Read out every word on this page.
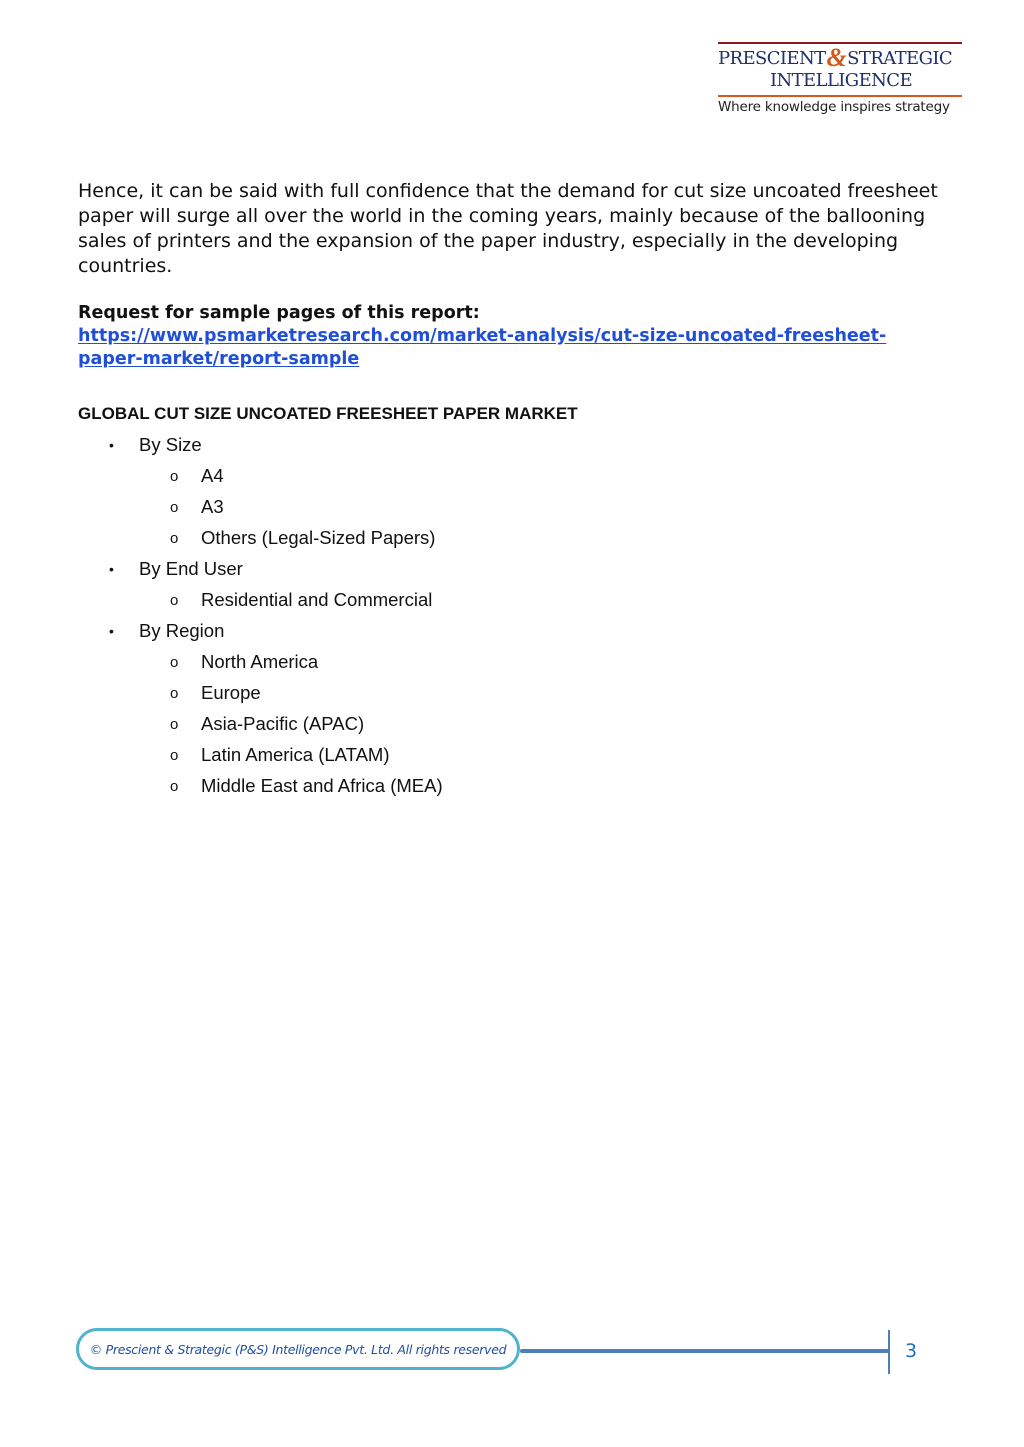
PRESCIENT&STRATEGIC
INTELLIGENCE
Where knowledge inspires strategy

Hence, it can be said with full confidence that the demand for cut size uncoated freesheet paper will surge all over the world in the coming years, mainly because of the ballooning sales of printers and the expansion of the paper industry, especially in the developing countries.

Request for sample pages of this report:
https://www.psmarketresearch.com/market-analysis/cut-size-uncoated-freesheet-paper-market/report-sample
GLOBAL CUT SIZE UNCOATED FREESHEET PAPER MARKET
• By Size
o A4
o A3
o Others (Legal-Sized Papers)
• By End User
o Residential and Commercial
• By Region
o North America
o Europe
o Asia-Pacific (APAC)
o Latin America (LATAM)
o Middle East and Africa (MEA)
© Prescient & Strategic (P&S) Intelligence Pvt. Ltd. All rights reserved	3
